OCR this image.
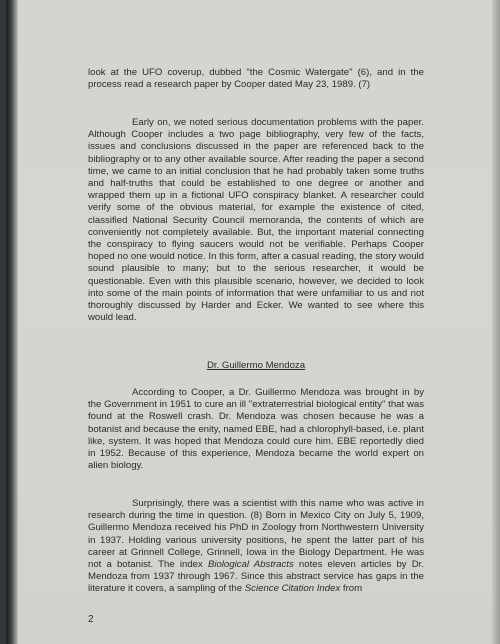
look at the UFO coverup, dubbed "the Cosmic Watergate" (6), and in the process read a research paper by Cooper dated May 23, 1989. (7)
Early on, we noted serious documentation problems with the paper. Although Cooper includes a two page bibliography, very few of the facts, issues and conclusions discussed in the paper are referenced back to the bibliography or to any other available source. After reading the paper a second time, we came to an initial conclusion that he had probably taken some truths and half-truths that could be established to one degree or another and wrapped them up in a fictional UFO conspiracy blanket. A researcher could verify some of the obvious material, for example the existence of cited, classified National Security Council memoranda, the contents of which are conveniently not completely available. But, the important material connecting the conspiracy to flying saucers would not be verifiable. Perhaps Cooper hoped no one would notice. In this form, after a casual reading, the story would sound plausible to many; but to the serious researcher, it would be questionable. Even with this plausible scenario, however, we decided to look into some of the main points of information that were unfamiliar to us and not thoroughly discussed by Harder and Ecker. We wanted to see where this would lead.
Dr. Guillermo Mendoza
According to Cooper, a Dr. Guillermo Mendoza was brought in by the Government in 1951 to cure an ill "extraterrestrial biological entity" that was found at the Roswell crash. Dr. Mendoza was chosen because he was a botanist and because the enity, named EBE, had a chlorophyll-based, i.e. plant like, system. It was hoped that Mendoza could cure him. EBE reportedly died in 1952. Because of this experience, Mendoza became the world expert on alien biology.
Surprisingly, there was a scientist with this name who was active in research during the time in question. (8) Born in Mexico City on July 5, 1909, Guillermo Mendoza received his PhD in Zoology from Northwestern University in 1937. Holding various university positions, he spent the latter part of his career at Grinnell College, Grinnell, Iowa in the Biology Department. He was not a botanist. The index Biological Abstracts notes eleven articles by Dr. Mendoza from 1937 through 1967. Since this abstract service has gaps in the literature it covers, a sampling of the Science Citation Index from
2
